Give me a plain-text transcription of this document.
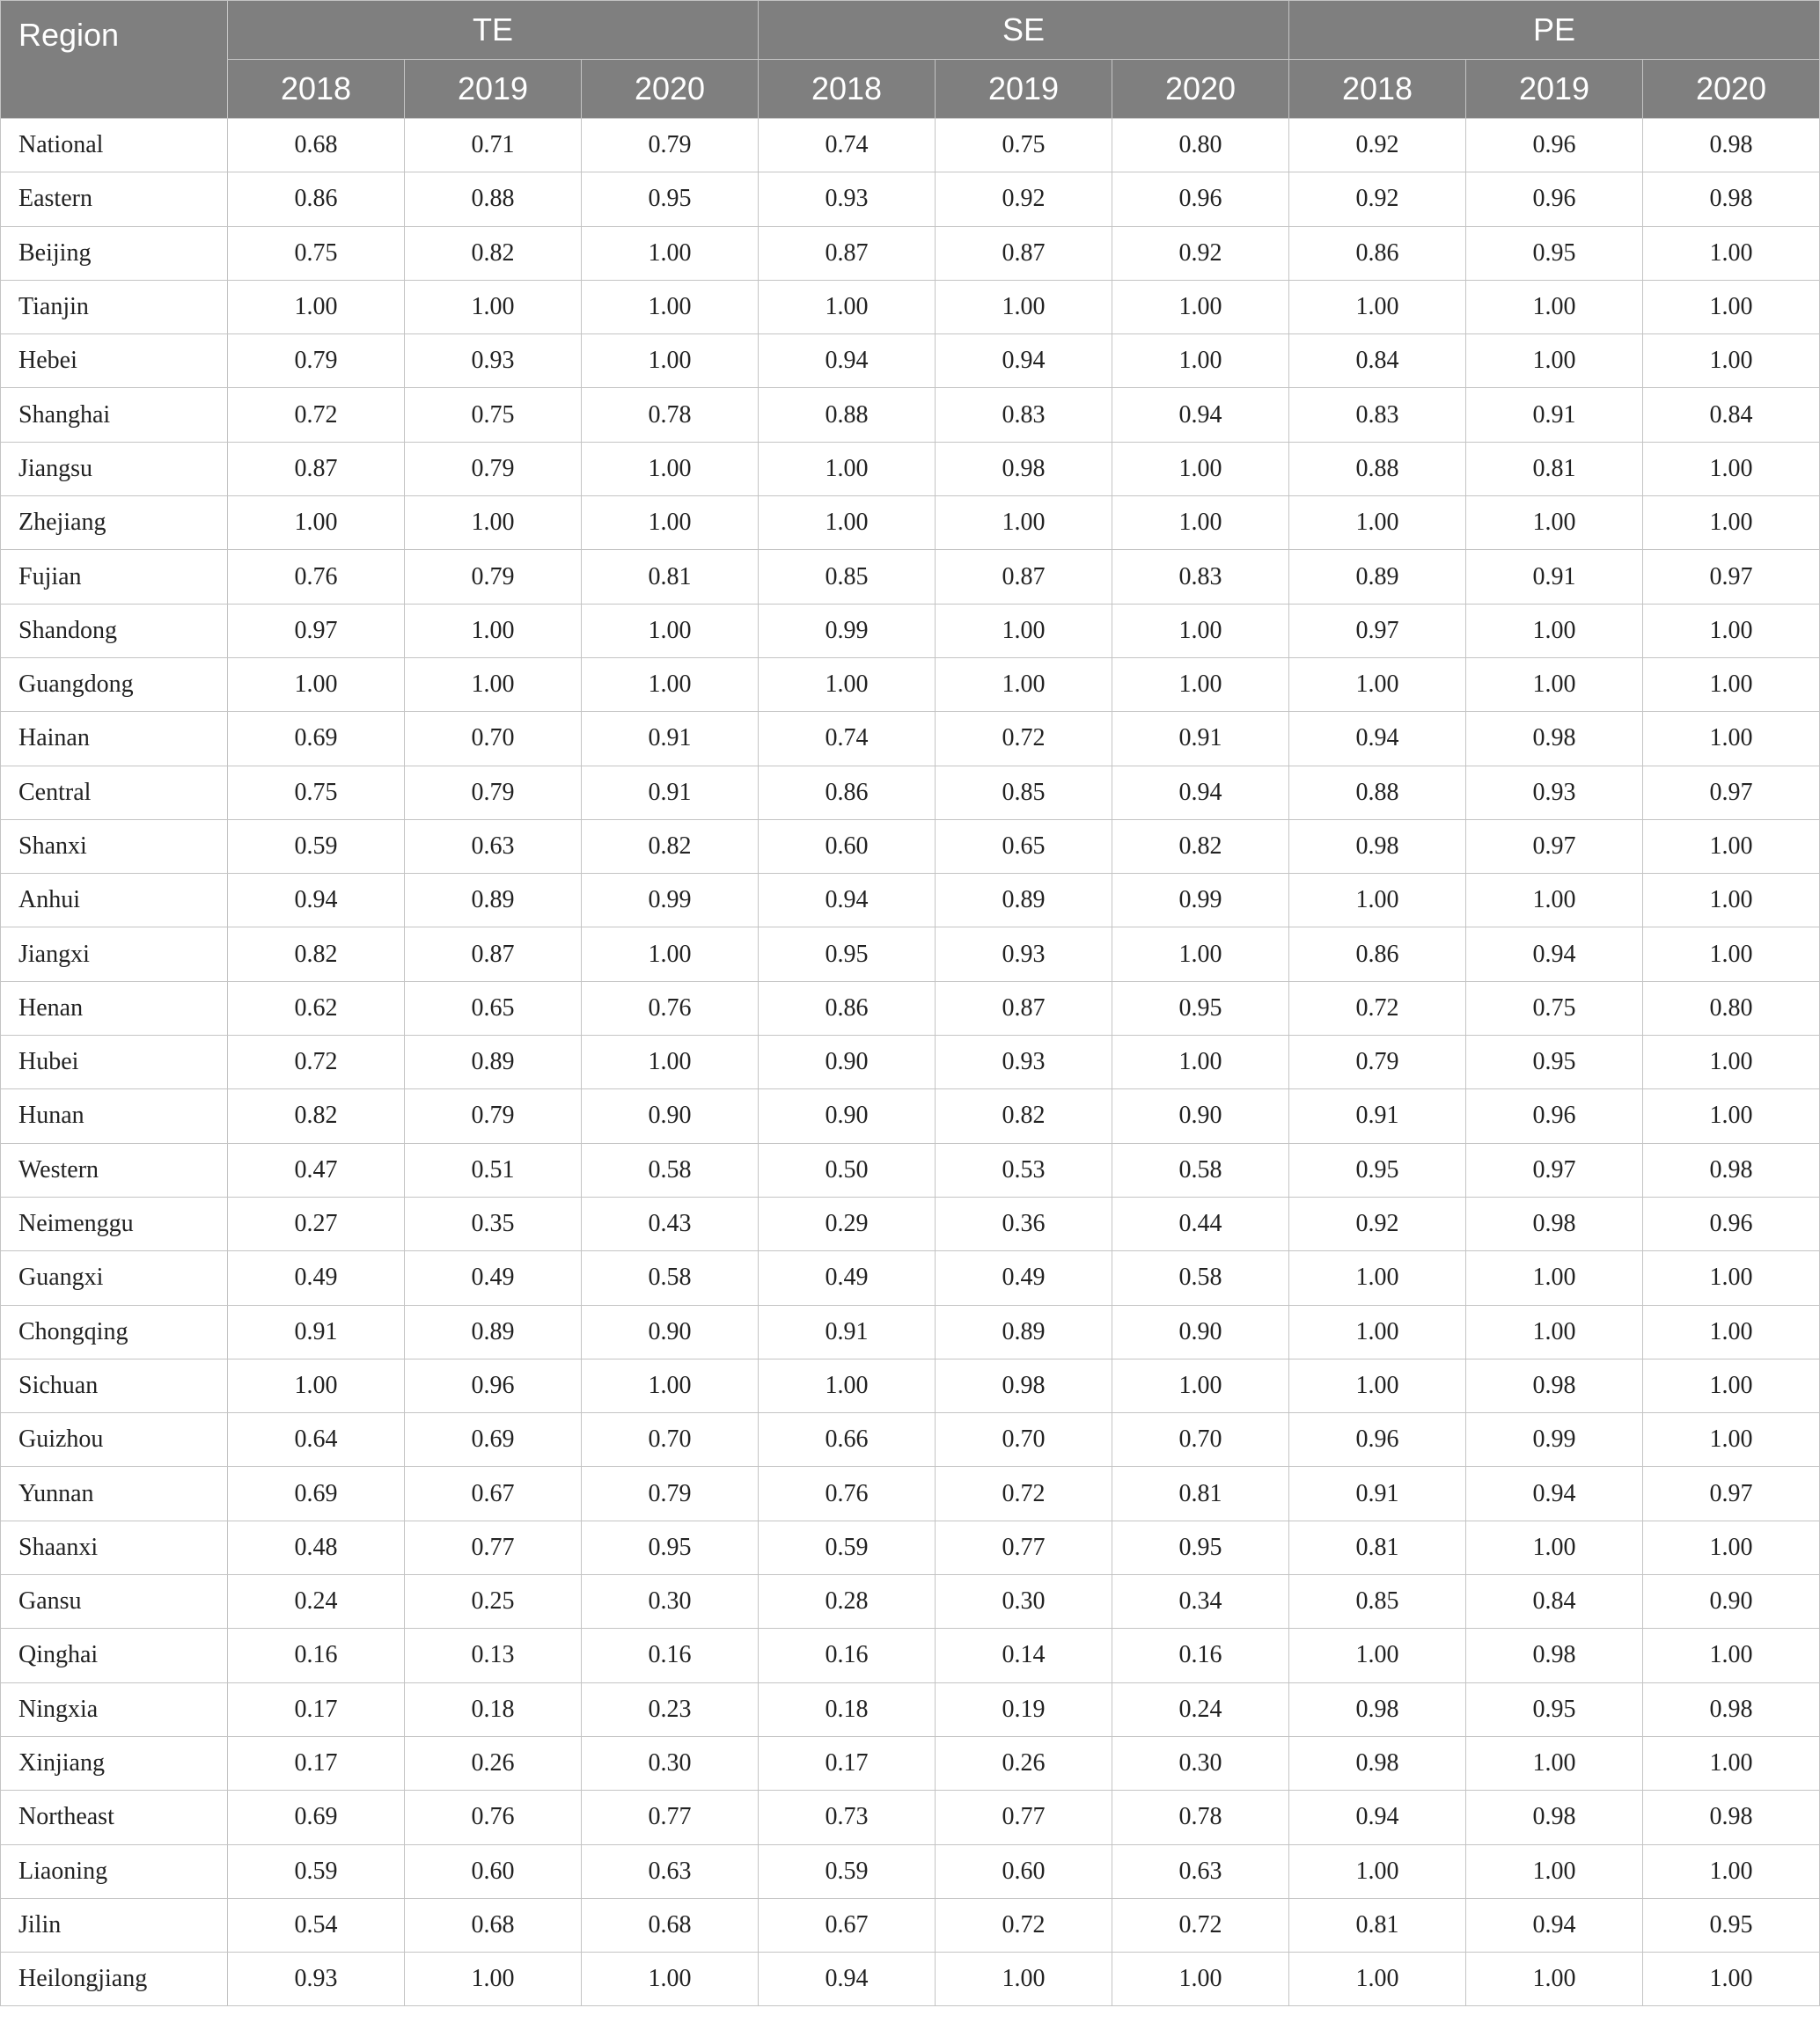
Region	TE			SE			PE		
	2018	2019	2020	2018	2019	2020	2018	2019	2020
National	0.68	0.71	0.79	0.74	0.75	0.80	0.92	0.96	0.98
Eastern	0.86	0.88	0.95	0.93	0.92	0.96	0.92	0.96	0.98
Beijing	0.75	0.82	1.00	0.87	0.87	0.92	0.86	0.95	1.00
Tianjin	1.00	1.00	1.00	1.00	1.00	1.00	1.00	1.00	1.00
Hebei	0.79	0.93	1.00	0.94	0.94	1.00	0.84	1.00	1.00
Shanghai	0.72	0.75	0.78	0.88	0.83	0.94	0.83	0.91	0.84
Jiangsu	0.87	0.79	1.00	1.00	0.98	1.00	0.88	0.81	1.00
Zhejiang	1.00	1.00	1.00	1.00	1.00	1.00	1.00	1.00	1.00
Fujian	0.76	0.79	0.81	0.85	0.87	0.83	0.89	0.91	0.97
Shandong	0.97	1.00	1.00	0.99	1.00	1.00	0.97	1.00	1.00
Guangdong	1.00	1.00	1.00	1.00	1.00	1.00	1.00	1.00	1.00
Hainan	0.69	0.70	0.91	0.74	0.72	0.91	0.94	0.98	1.00
Central	0.75	0.79	0.91	0.86	0.85	0.94	0.88	0.93	0.97
Shanxi	0.59	0.63	0.82	0.60	0.65	0.82	0.98	0.97	1.00
Anhui	0.94	0.89	0.99	0.94	0.89	0.99	1.00	1.00	1.00
Jiangxi	0.82	0.87	1.00	0.95	0.93	1.00	0.86	0.94	1.00
Henan	0.62	0.65	0.76	0.86	0.87	0.95	0.72	0.75	0.80
Hubei	0.72	0.89	1.00	0.90	0.93	1.00	0.79	0.95	1.00
Hunan	0.82	0.79	0.90	0.90	0.82	0.90	0.91	0.96	1.00
Western	0.47	0.51	0.58	0.50	0.53	0.58	0.95	0.97	0.98
Neimenggu	0.27	0.35	0.43	0.29	0.36	0.44	0.92	0.98	0.96
Guangxi	0.49	0.49	0.58	0.49	0.49	0.58	1.00	1.00	1.00
Chongqing	0.91	0.89	0.90	0.91	0.89	0.90	1.00	1.00	1.00
Sichuan	1.00	0.96	1.00	1.00	0.98	1.00	1.00	0.98	1.00
Guizhou	0.64	0.69	0.70	0.66	0.70	0.70	0.96	0.99	1.00
Yunnan	0.69	0.67	0.79	0.76	0.72	0.81	0.91	0.94	0.97
Shaanxi	0.48	0.77	0.95	0.59	0.77	0.95	0.81	1.00	1.00
Gansu	0.24	0.25	0.30	0.28	0.30	0.34	0.85	0.84	0.90
Qinghai	0.16	0.13	0.16	0.16	0.14	0.16	1.00	0.98	1.00
Ningxia	0.17	0.18	0.23	0.18	0.19	0.24	0.98	0.95	0.98
Xinjiang	0.17	0.26	0.30	0.17	0.26	0.30	0.98	1.00	1.00
Northeast	0.69	0.76	0.77	0.73	0.77	0.78	0.94	0.98	0.98
Liaoning	0.59	0.60	0.63	0.59	0.60	0.63	1.00	1.00	1.00
Jilin	0.54	0.68	0.68	0.67	0.72	0.72	0.81	0.94	0.95
Heilongjiang	0.93	1.00	1.00	0.94	1.00	1.00	1.00	1.00	1.00
